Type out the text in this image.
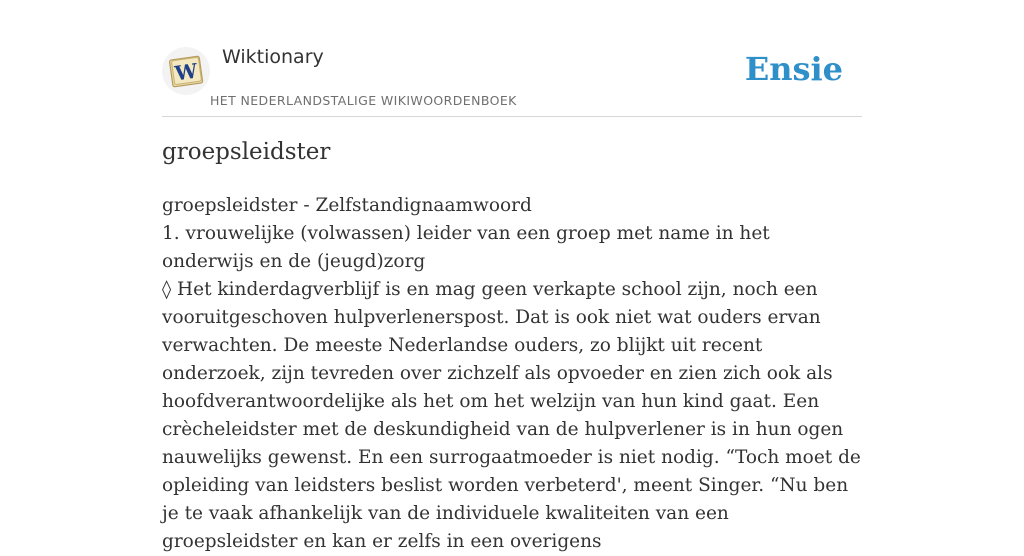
W
Wiktionary
HET NEDERLANDSTALIGE WIKIWOORDENBOEK
Ensie
groepsleidster

groepsleidster - Zelfstandignaamwoord

1. vrouwelijke (volwassen) leider van een groep met name in het onderwijs en de (jeugd)zorg

◊ Het kinderdagverblijf is en mag geen verkapte school zijn, noch een vooruitgeschoven hulpverlenerspost. Dat is ook niet wat ouders ervan verwachten. De meeste Nederlandse ouders, zo blijkt uit recent onderzoek, zijn tevreden over zichzelf als opvoeder en zien zich ook als hoofdverantwoordelijke als het om het welzijn van hun kind gaat. Een crècheleidster met de deskundigheid van de hulpverlener is in hun ogen nauwelijks gewenst. En een surrogaatmoeder is niet nodig. “Toch moet de opleiding van leidsters beslist worden verbeterd', meent Singer. “Nu ben je te vaak afhankelijk van de individuele kwaliteiten van een groepsleidster en kan er zelfs in een overigens
